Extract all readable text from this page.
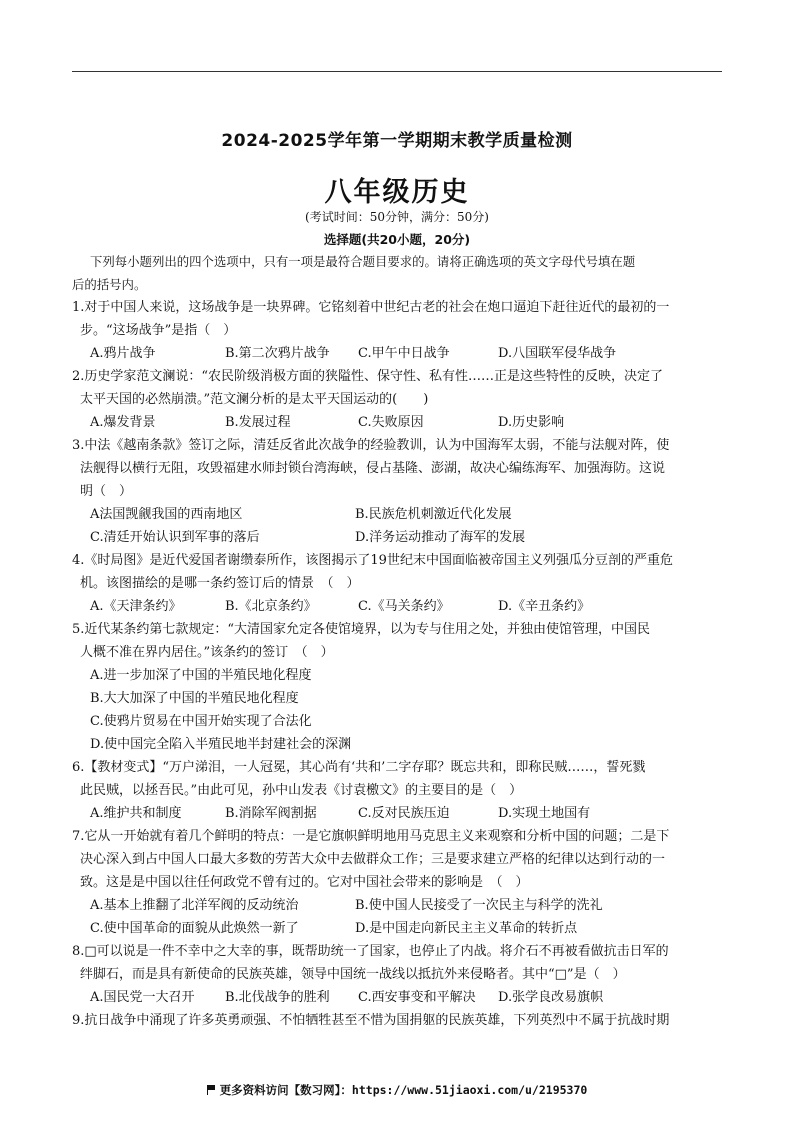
2024-2025学年第一学期期末教学质量检测
八年级历史
(考试时间：50分钟，满分：50分)
选择题(共20小题，20分)
下列每小题列出的四个选项中，只有一项是最符合题目要求的。请将正确选项的英文字母代号填在题
后的括号内。
1.对于中国人来说，这场战争是一块界碑。它铭刻着中世纪古老的社会在炮口逼迫下赶往近代的最初的一
步。“这场战争”是指（　）
A.鸦片战争	B.第二次鸦片战争	C.甲午中日战争	D.八国联军侵华战争
2.历史学家范文澜说：“农民阶级消极方面的狭隘性、保守性、私有性……正是这些特性的反映，决定了
太平天国的必然崩溃。”范文澜分析的是太平天国运动的(　　)
A.爆发背景	B.发展过程	C.失败原因	D.历史影响
3.中法《越南条款》签订之际，清廷反省此次战争的经验教训，认为中国海军太弱，不能与法舰对阵，使
法舰得以横行无阻，攻毁福建水师封锁台湾海峡，侵占基隆、澎湖，故决心编练海军、加强海防。这说
明（　）
A法国觊觎我国的西南地区	B.民族危机刺激近代化发展
C.清廷开始认识到军事的落后	D.洋务运动推动了海军的发展
4.《时局图》是近代爱国者谢缵泰所作，该图揭示了19世纪末中国面临被帝国主义列强瓜分豆剖的严重危
机。该图描绘的是哪一条约签订后的情景　（　）
A.《天津条约》	B.《北京条约》	C.《马关条约》	D.《辛丑条约》
5.近代某条约第七款规定：“大清国家允定各使馆境界，以为专与住用之处，并独由使馆管理，中国民
人概不准在界内居住。”该条约的签订　（　）
A.进一步加深了中国的半殖民地化程度
B.大大加深了中国的半殖民地化程度
C.使鸦片贸易在中国开始实现了合法化
D.使中国完全陷入半殖民地半封建社会的深渊
6.【教材变式】“万户涕泪，一人冠冕，其心尚有‘共和’二字存耶？既忘共和，即称民贼……，誓死戮
此民贼，以拯吾民。”由此可见，孙中山发表《讨袁檄文》的主要目的是（　）
A.维护共和制度	B.消除军阀割据	C.反对民族压迫	D.实现土地国有
7.它从一开始就有着几个鲜明的特点：一是它旗帜鲜明地用马克思主义来观察和分析中国的问题；二是下
决心深入到占中国人口最大多数的劳苦大众中去做群众工作；三是要求建立严格的纪律以达到行动的一
致。这是是中国以往任何政党不曾有过的。它对中国社会带来的影响是　（　）
A.基本上推翻了北洋军阀的反动统治	B.使中国人民接受了一次民主与科学的洗礼
C.使中国革命的面貌从此焕然一新了	D.是中国走向新民主主义革命的转折点
8.□可以说是一件不幸中之大幸的事，既帮助统一了国家，也停止了内战。将介石不再被看做抗击日军的
绊脚石，而是具有新使命的民族英雄，领导中国统一战线以抵抗外来侵略者。其中“□”是（　）
A.国民党一大召开	B.北伐战争的胜利	C.西安事变和平解决	D.张学良改易旗帜
9.抗日战争中涌现了许多英勇顽强、不怕牺牲甚至不惜为国捐躯的民族英雄，下列英烈中不属于抗战时期
更多资料访问【数习网】：https://www.51jiaoxi.com/u/2195370
